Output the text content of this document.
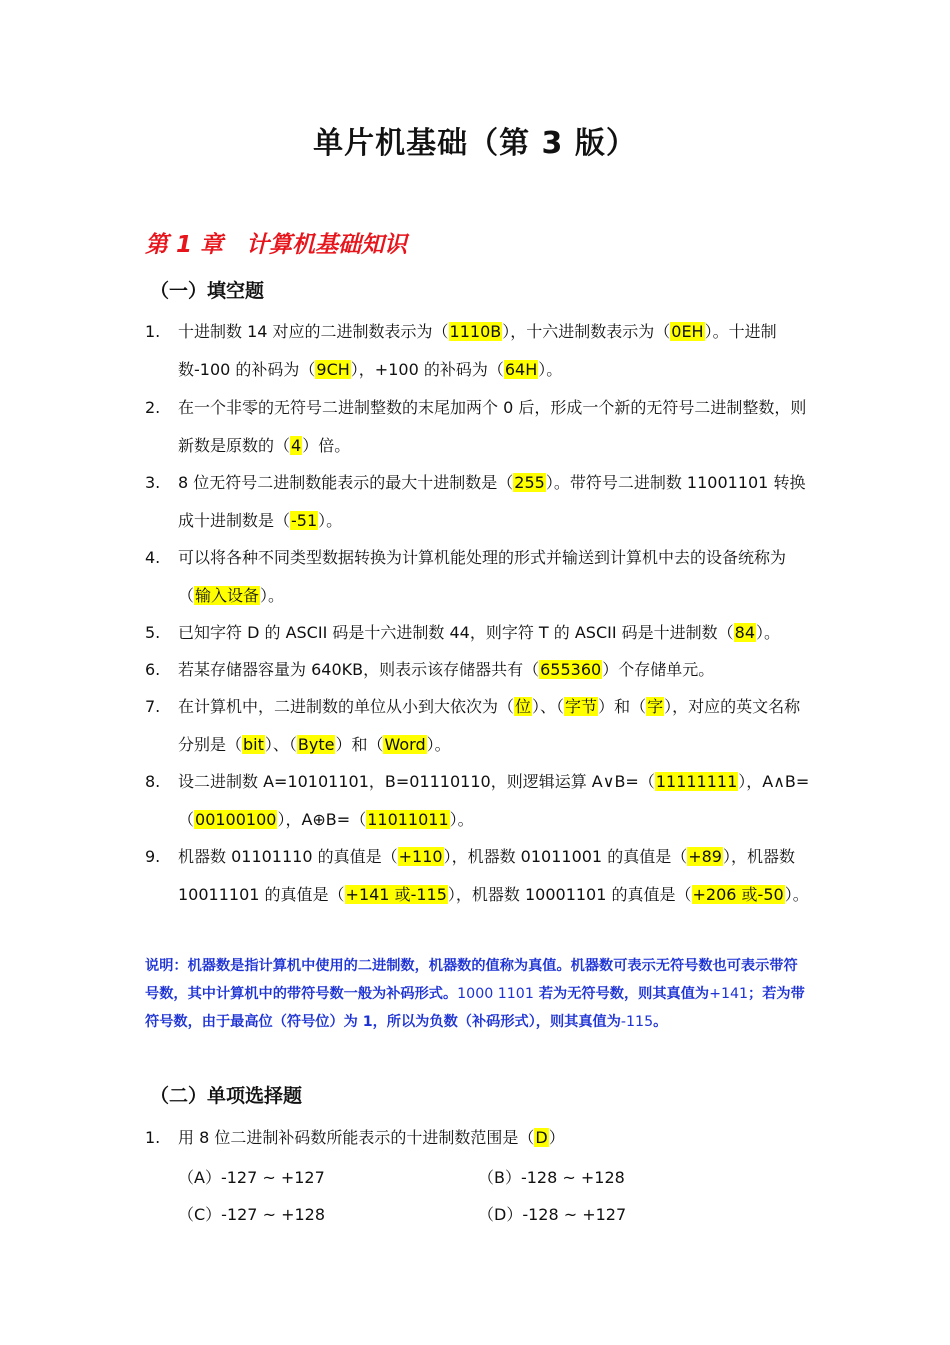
单片机基础（第 3 版）
第 1 章　计算机基础知识
（一）填空题
1. 十进制数 14 对应的二进制数表示为（1110B），十六进制数表示为（0EH）。十进制数-100 的补码为（9CH），+100 的补码为（64H）。
2. 在一个非零的无符号二进制整数的末尾加两个 0 后，形成一个新的无符号二进制整数，则新数是原数的（4）倍。
3. 8 位无符号二进制数能表示的最大十进制数是（255）。带符号二进制数 11001101 转换成十进制数是（-51）。
4. 可以将各种不同类型数据转换为计算机能处理的形式并输送到计算机中去的设备统称为（输入设备）。
5. 已知字符 D 的 ASCII 码是十六进制数 44，则字符 T 的 ASCII 码是十进制数（84）。
6. 若某存储器容量为 640KB，则表示该存储器共有（655360）个存储单元。
7. 在计算机中，二进制数的单位从小到大依次为（位）、（字节）和（字），对应的英文名称分别是（bit）、（Byte）和（Word）。
8. 设二进制数 A=10101101，B=01110110，则逻辑运算 A∨B=（11111111），A∧B=（00100100），A⊕B=（11011011）。
9. 机器数 01101110 的真值是（+110），机器数 01011001 的真值是（+89），机器数 10011101 的真值是（+141 或-115），机器数 10001101 的真值是（+206 或-50）。
说明：机器数是指计算机中使用的二进制数，机器数的值称为真值。机器数可表示无符号数也可表示带符号数，其中计算机中的带符号数一般为补码形式。1000 1101 若为无符号数，则其真值为+141；若为带符号数，由于最高位（符号位）为 1，所以为负数（补码形式），则其真值为-115。
（二）单项选择题
1. 用 8 位二进制补码数所能表示的十进制数范围是（D）
（A）-127 ~ +127	（B）-128 ~ +128
（C）-127 ~ +128	（D）-128 ~ +127
